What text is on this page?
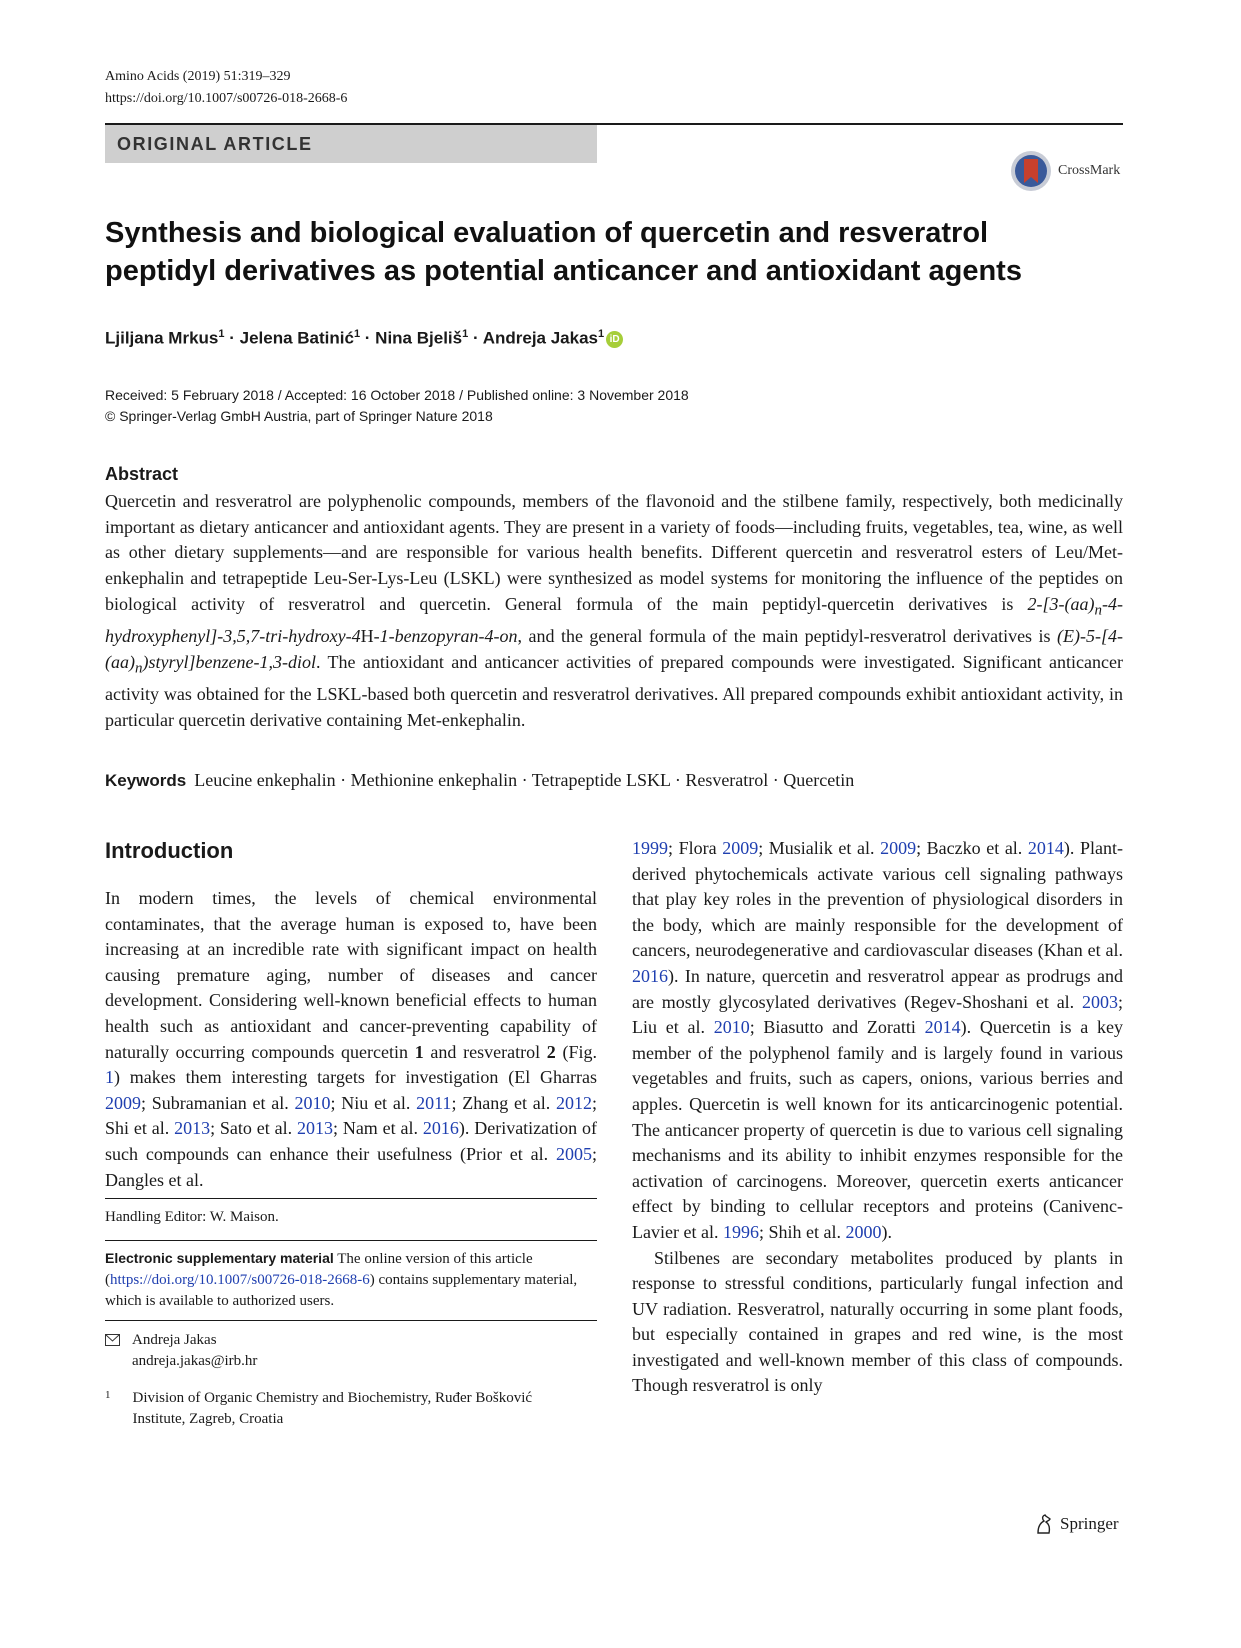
Amino Acids (2019) 51:319–329
https://doi.org/10.1007/s00726-018-2668-6
ORIGINAL ARTICLE
CrossMark
Synthesis and biological evaluation of quercetin and resveratrol peptidyl derivatives as potential anticancer and antioxidant agents
Ljiljana Mrkus$^1$ · Jelena Batinić$^1$ · Nina Bjeliš$^1$ · Andreja Jakas$^1$ iD
Received: 5 February 2018 / Accepted: 16 October 2018 / Published online: 3 November 2018
© Springer-Verlag GmbH Austria, part of Springer Nature 2018
Abstract
Quercetin and resveratrol are polyphenolic compounds, members of the flavonoid and the stilbene family, respectively, both medicinally important as dietary anticancer and antioxidant agents. They are present in a variety of foods—including fruits, vegetables, tea, wine, as well as other dietary supplements—and are responsible for various health benefits. Different quercetin and resveratrol esters of Leu/Met-enkephalin and tetrapeptide Leu-Ser-Lys-Leu (LSKL) were synthesized as model systems for monitoring the influence of the peptides on biological activity of resveratrol and quercetin. General formula of the main peptidyl-quercetin derivatives is $2-[3-(aa)_n-4-hydroxyphenyl]-3,5,7-tri-hydroxy-4H-1-benzopyran-4-on$, and the general formula of the main peptidyl-resveratrol derivatives is $(E)-5-[4-(aa)_n)styryl]benzene-1,3$-diol. The antioxidant and anticancer activities of prepared compounds were investigated. Significant anticancer activity was obtained for the LSKL-based both quercetin and resveratrol derivatives. All prepared compounds exhibit antioxidant activity, in particular quercetin derivative containing Met-enkephalin.
Keywords Leucine enkephalin · Methionine enkephalin · Tetrapeptide LSKL · Resveratrol · Quercetin
Introduction

In modern times, the levels of chemical environmental contaminates, that the average human is exposed to, have been increasing at an incredible rate with significant impact on health causing premature aging, number of diseases and cancer development. Considering well-known beneficial effects to human health such as antioxidant and cancer-preventing capability of naturally occurring compounds quercetin 1 and resveratrol 2 (Fig. 1) makes them interesting targets for investigation (El Gharras 2009; Subramanian et al. 2010; Niu et al. 2011; Zhang et al. 2012; Shi et al. 2013; Sato et al. 2013; Nam et al. 2016). Derivatization of such compounds can enhance their usefulness (Prior et al. 2005; Dangles et al.

Handling Editor: W. Maison.
Electronic supplementary material The online version of this article (https://doi.org/10.1007/s00726-018-2668-6) contains supplementary material, which is available to authorized users.
Andreja Jakas
andreja.jakas@irb.hr
1 Division of Organic Chemistry and Biochemistry, Ruđer Bošković Institute, Zagreb, Croatia

1999; Flora 2009; Musialik et al. 2009; Baczko et al. 2014). Plant-derived phytochemicals activate various cell signaling pathways that play key roles in the prevention of physiological disorders in the body, which are mainly responsible for the development of cancers, neurodegenerative and cardiovascular diseases (Khan et al. 2016). In nature, quercetin and resveratrol appear as prodrugs and are mostly glycosylated derivatives (Regev-Shoshani et al. 2003; Liu et al. 2010; Biasutto and Zoratti 2014). Quercetin is a key member of the polyphenol family and is largely found in various vegetables and fruits, such as capers, onions, various berries and apples. Quercetin is well known for its anticarcinogenic potential. The anticancer property of quercetin is due to various cell signaling mechanisms and its ability to inhibit enzymes responsible for the activation of carcinogens. Moreover, quercetin exerts anticancer effect by binding to cellular receptors and proteins (Canivenc-Lavier et al. 1996; Shih et al. 2000).

Stilbenes are secondary metabolites produced by plants in response to stressful conditions, particularly fungal infection and UV radiation. Resveratrol, naturally occurring in some plant foods, but especially contained in grapes and red wine, is the most investigated and well-known member of this class of compounds. Though resveratrol is only

Springer
